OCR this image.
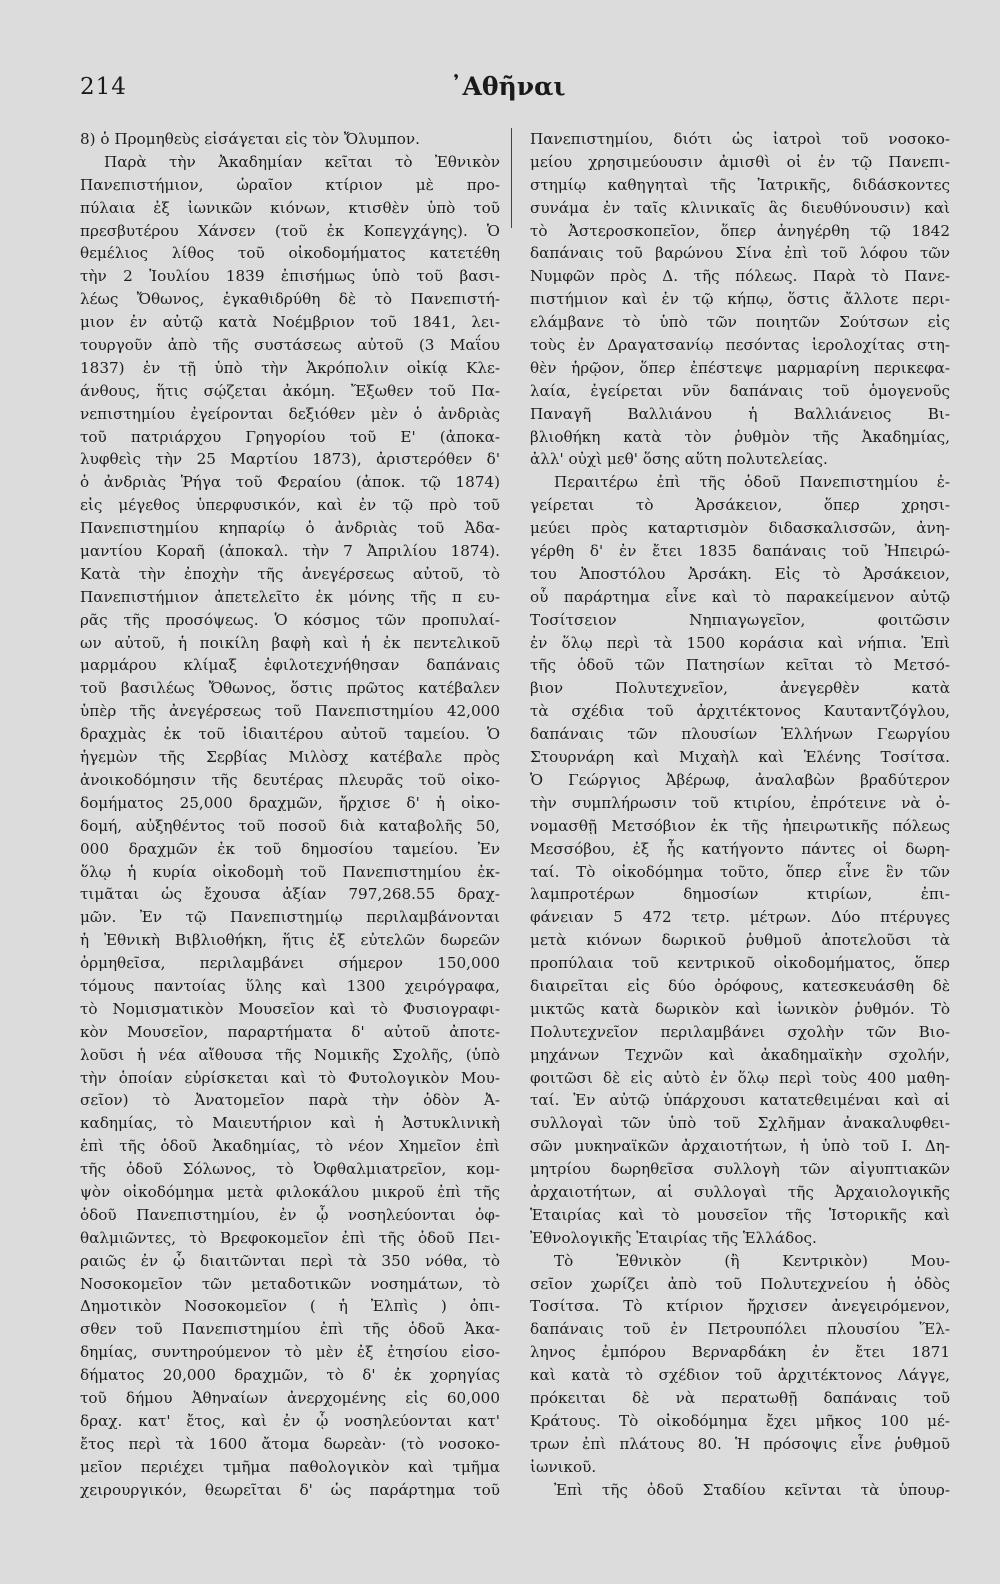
214	᾿Αθῆναι
8) ὁ Προμηθεὺς εἰσάγεται εἰς τὸν Ὄλυμπον.
Παρὰ τὴν Ἀκαδημίαν κεῖται τὸ Ἐθνικὸν
Πανεπιστήμιον, ὡραῖον κτίριον μὲ προ-
πύλαια ἐξ ἰωνικῶν κιόνων, κτισθὲν ὑπὸ τοῦ
πρεσβυτέρου Χάνσεν (τοῦ ἐκ Κοπεγχάγης). Ὁ
θεμέλιος λίθος τοῦ οἰκοδομήματος κατετέθη
τὴν 2 Ἰουλίου 1839 ἐπισήμως ὑπὸ τοῦ βασι-
λέως Ὄθωνος, ἐγκαθιδρύθη δὲ τὸ Πανεπιστή-
μιον ἐν αὐτῷ κατὰ Νοέμβριον τοῦ 1841, λει-
τουργοῦν ἀπὸ τῆς συστάσεως αὐτοῦ (3 Μαΐου
1837) ἐν τῇ ὑπὸ τὴν Ἀκρόπολιν οἰκίᾳ Κλε-
άνθους, ἥτις σῴζεται ἀκόμη. Ἔξωθεν τοῦ Πα-
νεπιστημίου ἐγείρονται δεξιόθεν μὲν ὁ ἀνδριὰς
τοῦ πατριάρχου Γρηγορίου τοῦ Ε' (ἀποκα-
λυφθεὶς τὴν 25 Μαρτίου 1873), ἀριστερόθεν δ'
ὁ ἀνδριὰς Ῥήγα τοῦ Φεραίου (ἀποκ. τῷ 1874)
εἰς μέγεθος ὑπερφυσικόν, καὶ ἐν τῷ πρὸ τοῦ
Πανεπιστημίου κηπαρίῳ ὁ ἀνδριὰς τοῦ Ἀδα-
μαντίου Κοραῆ (ἀποκαλ. τὴν 7 Ἀπριλίου 1874).
Κατὰ τὴν ἐποχὴν τῆς ἀνεγέρσεως αὐτοῦ, τὸ
Πανεπιστήμιον ἀπετελεῖτο ἐκ μόνης τῆς π ευ-
ρᾶς τῆς προσόψεως. Ὁ κόσμος τῶν προπυλαί-
ων αὐτοῦ, ἡ ποικίλη βαφὴ καὶ ἡ ἐκ πεντελικοῦ
μαρμάρου κλίμαξ ἐφιλοτεχνήθησαν δαπάναις
τοῦ βασιλέως Ὄθωνος, ὅστις πρῶτος κατέβαλεν
ὑπὲρ τῆς ἀνεγέρσεως τοῦ Πανεπιστημίου 42,000
δραχμὰς ἐκ τοῦ ἰδιαιτέρου αὐτοῦ ταμείου. Ὁ
ἡγεμὼν τῆς Σερβίας Μιλὸσχ κατέβαλε πρὸς
ἀνοικοδόμησιν τῆς δευτέρας πλευρᾶς τοῦ οἰκο-
δομήματος 25,000 δραχμῶν, ἤρχισε δ' ἡ οἰκο-
δομή, αὐξηθέντος τοῦ ποσοῦ διὰ καταβολῆς 50,
000 δραχμῶν ἐκ τοῦ δημοσίου ταμείου. Ἐν
ὅλῳ ἡ κυρία οἰκοδομὴ τοῦ Πανεπιστημίου ἐκ-
τιμᾶται ὡς ἔχουσα ἀξίαν 797,268.55 δραχ-
μῶν. Ἐν τῷ Πανεπιστημίῳ περιλαμβάνονται
ἡ Ἐθνικὴ Βιβλιοθήκη, ἥτις ἐξ εὐτελῶν δωρεῶν
ὁρμηθεῖσα, περιλαμβάνει σήμερον 150,000
τόμους παντοίας ὕλης καὶ 1300 χειρόγραφα,
τὸ Νομισματικὸν Μουσεῖον καὶ τὸ Φυσιογραφι-
κὸν Μουσεῖον, παραρτήματα δ' αὐτοῦ ἀποτε-
λοῦσι ἡ νέα αἴθουσα τῆς Νομικῆς Σχολῆς, (ὑπὸ
τὴν ὁποίαν εὑρίσκεται καὶ τὸ Φυτολογικὸν Μου-
σεῖον) τὸ Ἀνατομεῖον παρὰ τὴν ὁδὸν Ἀ-
καδημίας, τὸ Μαιευτήριον καὶ ἡ Ἀστυκλινικὴ
ἐπὶ τῆς ὁδοῦ Ἀκαδημίας, τὸ νέον Χημεῖον ἐπὶ
τῆς ὁδοῦ Σόλωνος, τὸ Ὀφθαλμιατρεῖον, κομ-
ψὸν οἰκοδόμημα μετὰ φιλοκάλου μικροῦ ἐπὶ τῆς
ὁδοῦ Πανεπιστημίου, ἐν ᾧ νοσηλεύονται ὀφ-
θαλμιῶντες, τὸ Βρεφοκομεῖον ἐπὶ τῆς ὁδοῦ Πει-
ραιῶς ἐν ᾧ διαιτῶνται περὶ τὰ 350 νόθα, τὸ
Νοσοκομεῖον τῶν μεταδοτικῶν νοσημάτων, τὸ
Δημοτικὸν Νοσοκομεῖον ( ἡ Ἐλπὶς ) ὀπι-
σθεν τοῦ Πανεπιστημίου ἐπὶ τῆς ὁδοῦ Ἀκα-
δημίας, συντηρούμενον τὸ μὲν ἐξ ἐτησίου εἰσο-
δήματος 20,000 δραχμῶν, τὸ δ' ἐκ χορηγίας
τοῦ δήμου Ἀθηναίων ἀνερχομένης εἰς 60,000
δραχ. κατ' ἔτος, καὶ ἐν ᾧ νοσηλεύονται κατ'
ἔτος περὶ τὰ 1600 ἄτομα δωρεὰν· (τὸ νοσοκο-
μεῖον περιέχει τμῆμα παθολογικὸν καὶ τμῆμα
χειρουργικόν, θεωρεῖται δ' ὡς παράρτημα τοῦ
Πανεπιστημίου, διότι ὡς ἰατροὶ τοῦ νοσοκο-
μείου χρησιμεύουσιν ἀμισθὶ οἱ ἐν τῷ Πανεπι-
στημίῳ καθηγηταὶ τῆς Ἰατρικῆς, διδάσκοντες
συνάμα ἐν ταῖς κλινικαῖς ἃς διευθύνουσιν) καὶ
τὸ Ἀστεροσκοπεῖον, ὅπερ ἀνηγέρθη τῷ 1842
δαπάναις τοῦ βαρώνου Σίνα ἐπὶ τοῦ λόφου τῶν
Νυμφῶν πρὸς Δ. τῆς πόλεως. Παρὰ τὸ Πανε-
πιστήμιον καὶ ἐν τῷ κήπῳ, ὅστις ἄλλοτε περι-
ελάμβανε τὸ ὑπὸ τῶν ποιητῶν Σούτσων εἰς
τοὺς ἐν Δραγατσανίῳ πεσόντας ἱερολοχίτας στη-
θὲν ἡρῷον, ὅπερ ἐπέστεψε μαρμαρίνη περικεφα-
λαία, ἐγείρεται νῦν δαπάναις τοῦ ὁμογενοῦς
Παναγῆ Βαλλιάνου ἡ Βαλλιάνειος Βι-
βλιοθήκη κατὰ τὸν ῥυθμὸν τῆς Ἀκαδημίας,
ἀλλ' οὐχὶ μεθ' ὅσης αὕτη πολυτελείας.
Περαιτέρω ἐπὶ τῆς ὁδοῦ Πανεπιστημίου ἐ-
γείρεται τὸ Ἀρσάκειον, ὅπερ χρησι-
μεύει πρὸς καταρτισμὸν διδασκαλισσῶν, ἀνη-
γέρθη δ' ἐν ἔτει 1835 δαπάναις τοῦ Ἠπειρώ-
του Ἀποστόλου Ἀρσάκη. Εἰς τὸ Ἀρσάκειον,
οὗ παράρτημα εἶνε καὶ τὸ παρακείμενον αὐτῷ
Τοσίτσειον Νηπιαγωγεῖον, φοιτῶσιν
ἐν ὅλῳ περὶ τὰ 1500 κοράσια καὶ νήπια. Ἐπὶ
τῆς ὁδοῦ τῶν Πατησίων κεῖται τὸ Μετσό-
βιον Πολυτεχνεῖον, ἀνεγερθὲν κατὰ
τὰ σχέδια τοῦ ἀρχιτέκτονος Καυταντζόγλου,
δαπάναις τῶν πλουσίων Ἑλλήνων Γεωργίου
Στουρνάρη καὶ Μιχαὴλ καὶ Ἑλένης Τοσίτσα.
Ὁ Γεώργιος Ἀβέρωφ, ἀναλαβὼν βραδύτερον
τὴν συμπλήρωσιν τοῦ κτιρίου, ἐπρότεινε νὰ ὀ-
νομασθῇ Μετσόβιον ἐκ τῆς ἠπειρωτικῆς πόλεως
Μεσσόβου, ἐξ ἧς κατήγοντο πάντες οἱ δωρη-
ταί. Τὸ οἰκοδόμημα τοῦτο, ὅπερ εἶνε ἓν τῶν
λαμπροτέρων δημοσίων κτιρίων, ἐπι-
φάνειαν 5 472 τετρ. μέτρων. Δύο πτέρυγες
μετὰ κιόνων δωρικοῦ ῥυθμοῦ ἀποτελοῦσι τὰ
προπύλαια τοῦ κεντρικοῦ οἰκοδομήματος, ὅπερ
διαιρεῖται εἰς δύο ὀρόφους, κατεσκευάσθη δὲ
μικτῶς κατὰ δωρικὸν καὶ ἰωνικὸν ῥυθμόν. Τὸ
Πολυτεχνεῖον περιλαμβάνει σχολὴν τῶν Βιο-
μηχάνων Τεχνῶν καὶ ἀκαδημαϊκὴν σχολήν,
φοιτῶσι δὲ εἰς αὐτὸ ἐν ὅλῳ περὶ τοὺς 400 μαθη-
ταί. Ἐν αὐτῷ ὑπάρχουσι κατατεθειμέναι καὶ αἱ
συλλογαὶ τῶν ὑπὸ τοῦ Σχλῆμαν ἀνακαλυφθει-
σῶν μυκηναϊκῶν ἀρχαιοτήτων, ἡ ὑπὸ τοῦ Ι. Δη-
μητρίου δωρηθεῖσα συλλογὴ τῶν αἰγυπτιακῶν
ἀρχαιοτήτων, αἱ συλλογαὶ τῆς Ἀρχαιολογικῆς
Ἑταιρίας καὶ τὸ μουσεῖον τῆς Ἱστορικῆς καὶ
Ἐθνολογικῆς Ἑταιρίας τῆς Ἑλλάδος.
Τὸ Ἐθνικὸν (ἢ Κεντρικὸν) Μου-
σεῖον χωρίζει ἀπὸ τοῦ Πολυτεχνείου ἡ ὁδὸς
Τοσίτσα. Τὸ κτίριον ἤρχισεν ἀνεγειρόμενον,
δαπάναις τοῦ ἐν Πετρουπόλει πλουσίου Ἕλ-
ληνος ἐμπόρου Βερναρδάκη ἐν ἔτει 1871
καὶ κατὰ τὸ σχέδιον τοῦ ἀρχιτέκτονος Λάγγε,
πρόκειται δὲ νὰ περατωθῇ δαπάναις τοῦ
Κράτους. Τὸ οἰκοδόμημα ἔχει μῆκος 100 μέ-
τρων ἐπὶ πλάτους 80. Ἡ πρόσοψις εἶνε ῥυθμοῦ
ἰωνικοῦ.
Ἐπὶ τῆς ὁδοῦ Σταδίου κεῖνται τὰ ὑπουρ-
